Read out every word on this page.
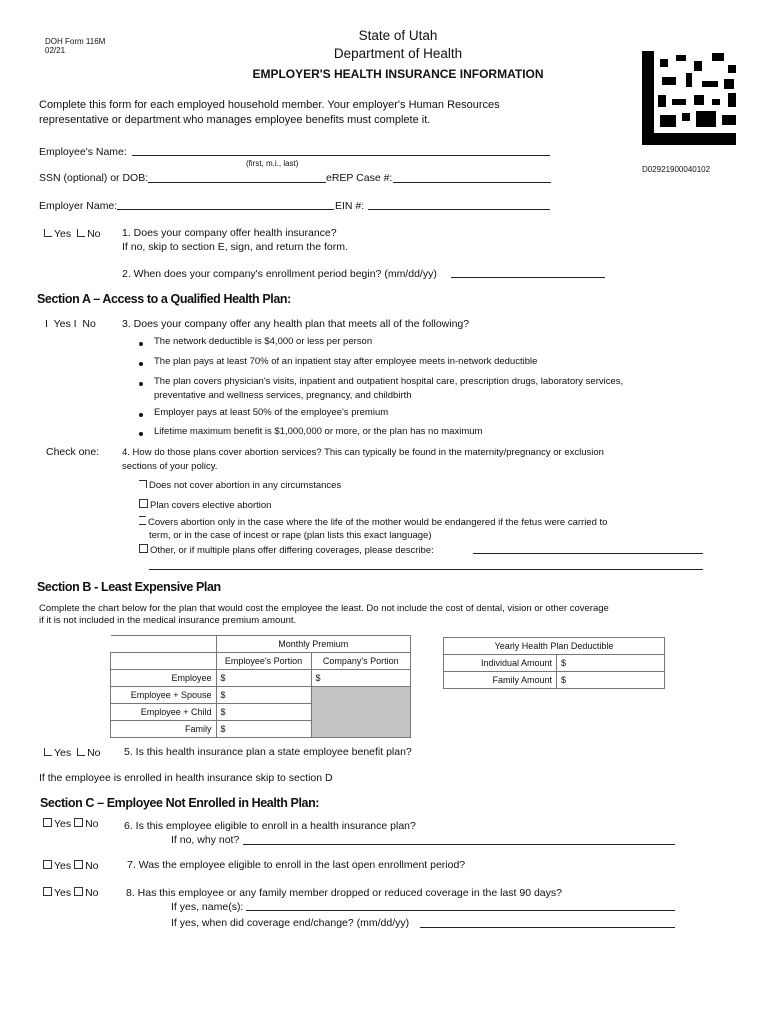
DOH Form 116M
02/21
State of Utah
Department of Health
EMPLOYER'S HEALTH INSURANCE INFORMATION
D02921900040102
Complete this form for each employed household member. Your employer's Human Resources
representative or department who manages employee benefits must complete it.
Employee's Name:
(first, m.i., last)
SSN (optional) or DOB:	eREP Case #:
Employer Name:	EIN #:
Yes No 1. Does your company offer health insurance?
If no, skip to section E, sign, and return the form.
2. When does your company's enrollment period begin? (mm/dd/yy)
Section A – Access to a Qualified Health Plan:
I Yes I No 3. Does your company offer any health plan that meets all of the following?
The network deductible is $4,000 or less per person
The plan pays at least 70% of an inpatient stay after employee meets in-network deductible
The plan covers physician's visits, inpatient and outpatient hospital care, prescription drugs, laboratory services,
preventative and wellness services, pregnancy, and childbirth
Employer pays at least 50% of the employee's premium
Lifetime maximum benefit is $1,000,000 or more, or the plan has no maximum
Check one: 4. How do those plans cover abortion services? This can typically be found in the maternity/pregnancy or exclusion
sections of your policy.
Does not cover abortion in any circumstances
Plan covers elective abortion
Covers abortion only in the case where the life of the mother would be endangered if the fetus were carried to
term, or in the case of incest or rape (plan lists this exact language)
Other, or if multiple plans offer differing coverages, please describe:
Section B - Least Expensive Plan
Complete the chart below for the plan that would cost the employee the least. Do not include the cost of dental, vision or other coverage
if it is not included in the medical insurance premium amount.
	Monthly Premium	
	Employee's Portion	Company's Portion
Employee	$	$
Employee + Spouse	$	
Employee + Child	$	
Family	$	
Yearly Health Plan Deductible	
Individual Amount	$
Family Amount	$
Yes No 5. Is this health insurance plan a state employee benefit plan?
If the employee is enrolled in health insurance skip to section D
Section C – Employee Not Enrolled in Health Plan:
Yes No 6. Is this employee eligible to enroll in a health insurance plan?
If no, why not?
Yes No	7. Was the employee eligible to enroll in the last open enrollment period?
Yes No	8. Has this employee or any family member dropped or reduced coverage in the last 90 days?
If yes, name(s):
If yes, when did coverage end/change? (mm/dd/yy)
